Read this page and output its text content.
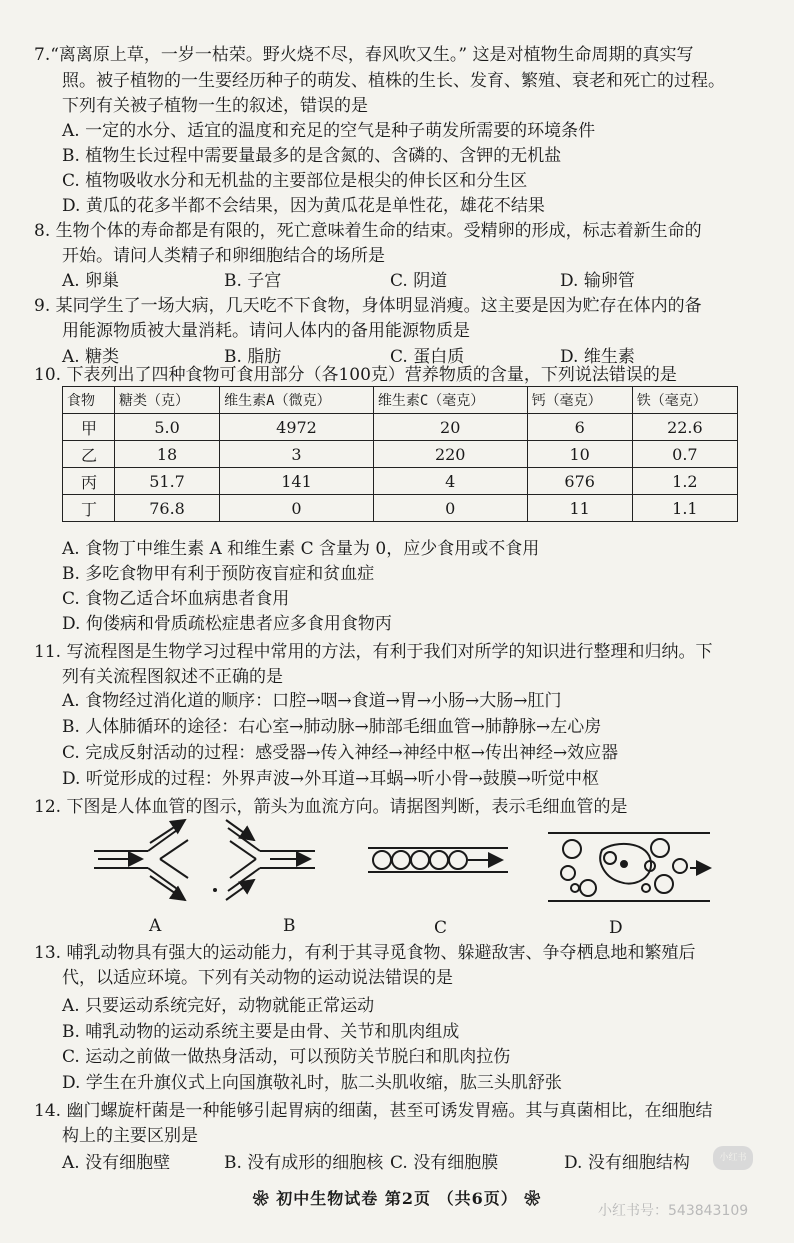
7.“离离原上草，一岁一枯荣。野火烧不尽，春风吹又生。” 这是对植物生命周期的真实写
照。被子植物的一生要经历种子的萌发、植株的生长、发育、繁殖、衰老和死亡的过程。
下列有关被子植物一生的叙述，错误的是
A. 一定的水分、适宜的温度和充足的空气是种子萌发所需要的环境条件
B. 植物生长过程中需要量最多的是含氮的、含磷的、含钾的无机盐
C. 植物吸收水分和无机盐的主要部位是根尖的伸长区和分生区
D. 黄瓜的花多半都不会结果，因为黄瓜花是单性花，雄花不结果
8. 生物个体的寿命都是有限的，死亡意味着生命的结束。受精卵的形成，标志着新生命的
开始。请问人类精子和卵细胞结合的场所是
A. 卵巢	B. 子宫	C. 阴道	D. 输卵管
9. 某同学生了一场大病，几天吃不下食物，身体明显消瘦。这主要是因为贮存在体内的备
用能源物质被大量消耗。请问人体内的备用能源物质是
A. 糖类	B. 脂肪	C. 蛋白质	D. 维生素
10. 下表列出了四种食物可食用部分（各100克）营养物质的含量，下列说法错误的是
食物	糖类（克）	维生素A（微克）	维生素C（毫克）	钙（毫克）	铁（毫克）
甲	5.0	4972	20	6	22.6
乙	18	3	220	10	0.7
丙	51.7	141	4	676	1.2
丁	76.8	0	0	11	1.1
A. 食物丁中维生素 A 和维生素 C 含量为 0，应少食用或不食用
B. 多吃食物甲有利于预防夜盲症和贫血症
C. 食物乙适合坏血病患者食用
D. 佝偻病和骨质疏松症患者应多食用食物丙
11. 写流程图是生物学习过程中常用的方法，有利于我们对所学的知识进行整理和归纳。下
列有关流程图叙述不正确的是
A. 食物经过消化道的顺序：口腔→咽→食道→胃→小肠→大肠→肛门
B. 人体肺循环的途径：右心室→肺动脉→肺部毛细血管→肺静脉→左心房
C. 完成反射活动的过程：感受器→传入神经→神经中枢→传出神经→效应器
D. 听觉形成的过程：外界声波→外耳道→耳蜗→听小骨→鼓膜→听觉中枢
12. 下图是人体血管的图示，箭头为血流方向。请据图判断，表示毛细血管的是
A	B	C	D
13. 哺乳动物具有强大的运动能力，有利于其寻觅食物、躲避敌害、争夺栖息地和繁殖后
代，以适应环境。下列有关动物的运动说法错误的是
A. 只要运动系统完好，动物就能正常运动
B. 哺乳动物的运动系统主要是由骨、关节和肌肉组成
C. 运动之前做一做热身活动，可以预防关节脱臼和肌肉拉伤
D. 学生在升旗仪式上向国旗敬礼时，肱二头肌收缩，肱三头肌舒张
14. 幽门螺旋杆菌是一种能够引起胃病的细菌，甚至可诱发胃癌。其与真菌相比，在细胞结
构上的主要区别是
A. 没有细胞壁	B. 没有成形的细胞核 C. 没有细胞膜	D. 没有细胞结构
❀ 初中生物试卷 第2页 （共6页） ❀
小红书
小红书号：543843109
